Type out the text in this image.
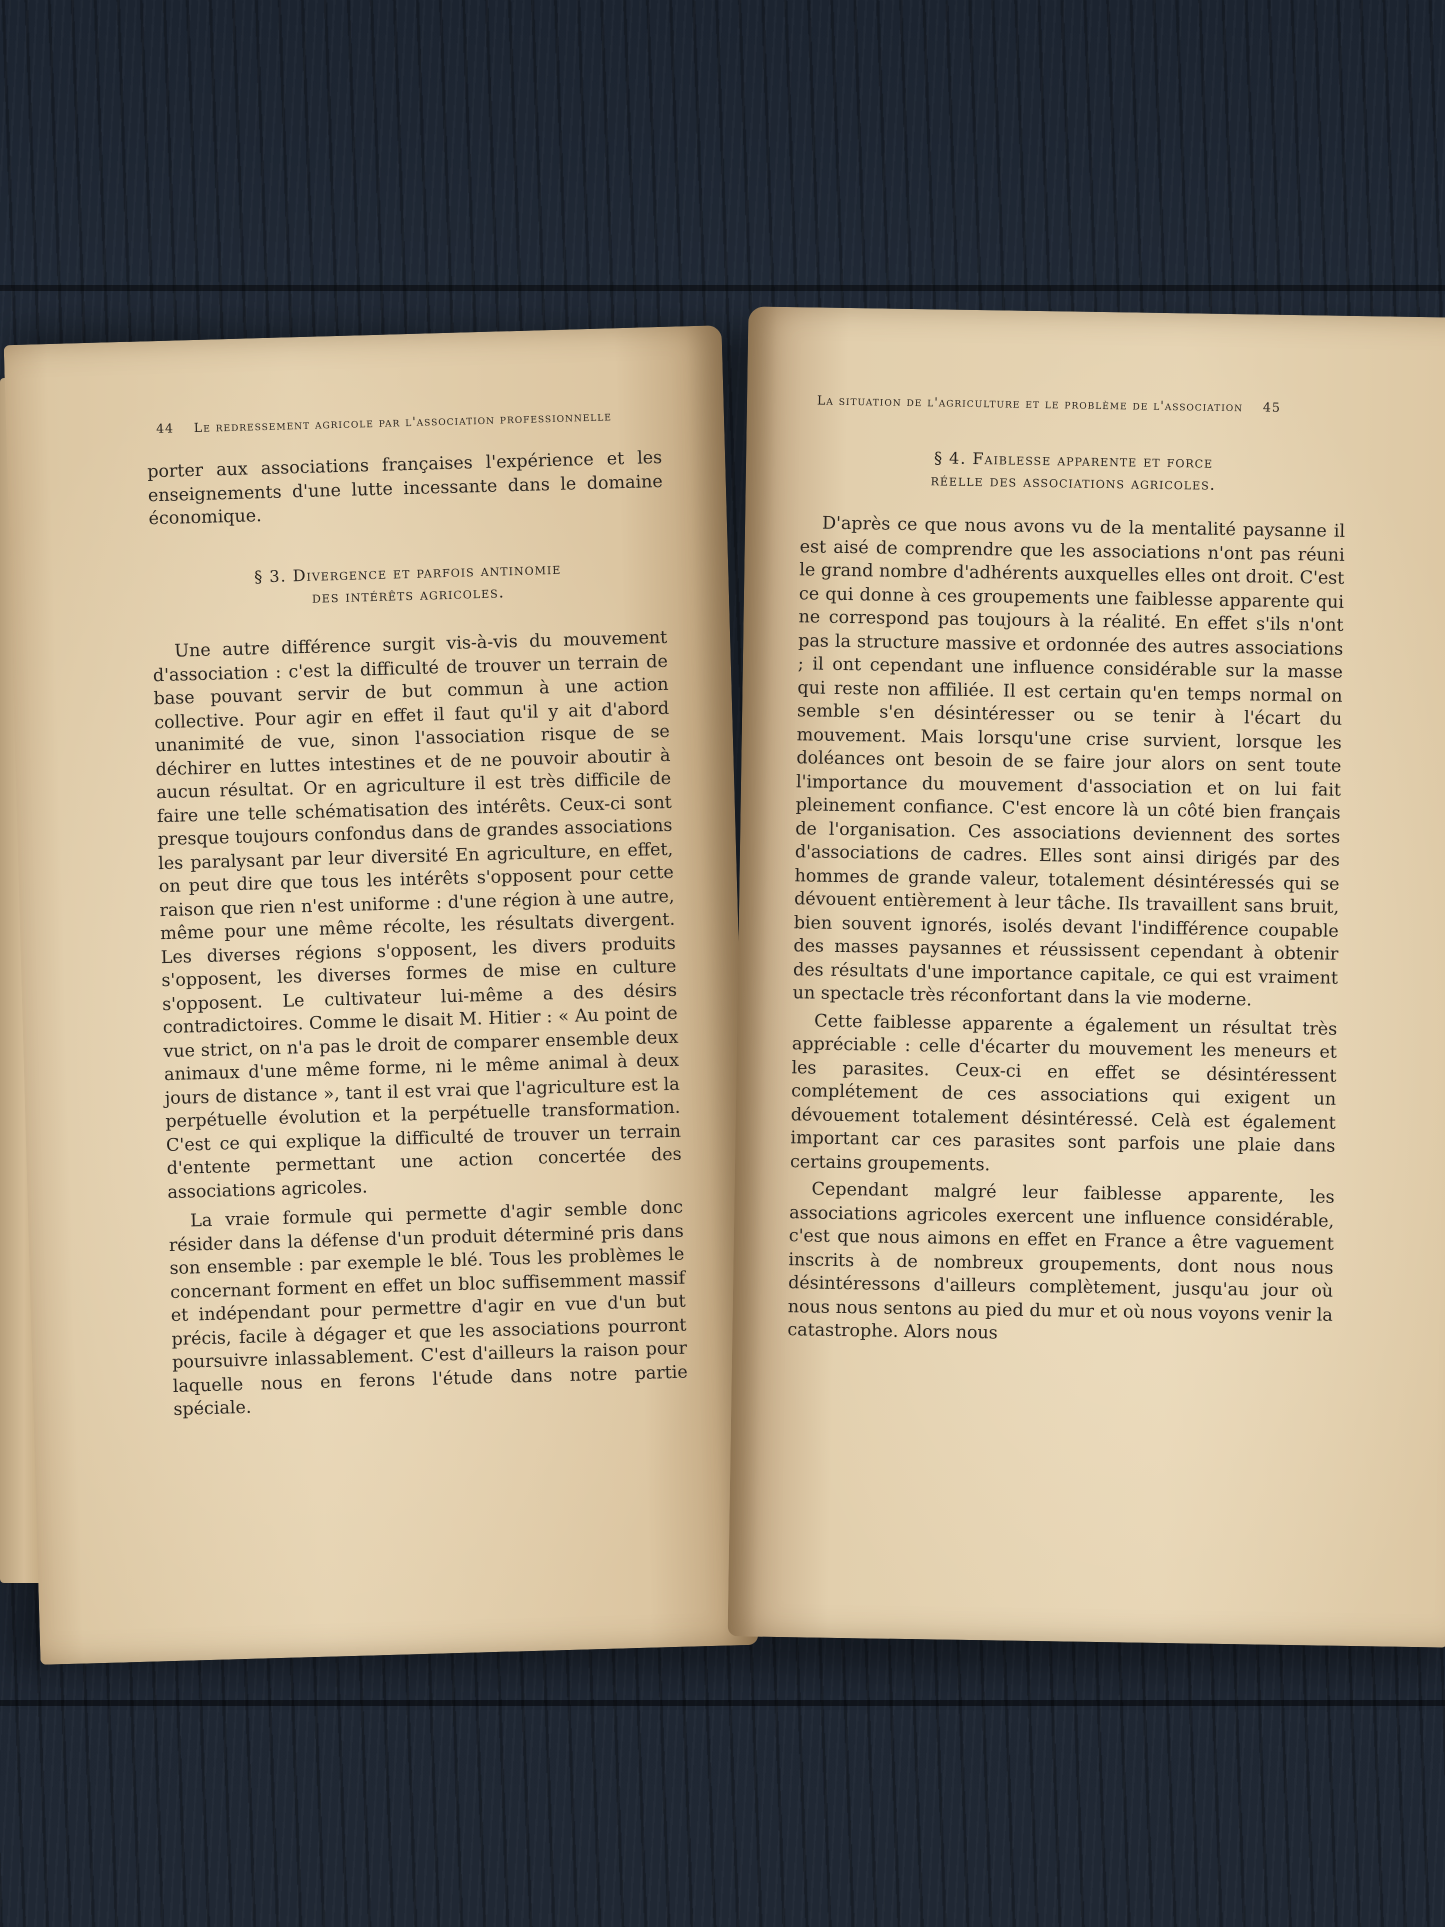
44 Le redressement agricole par l'association professionnelle

porter aux associations françaises l'expérience et les enseignements d'une lutte incessante dans le domaine économique.

§ 3. Divergence et parfois antinomie
des intérêts agricoles.

Une autre différence surgit vis-à-vis du mouvement d'association : c'est la difficulté de trouver un terrain de base pouvant servir de but commun à une action collective. Pour agir en effet il faut qu'il y ait d'abord unanimité de vue, sinon l'association risque de se déchirer en luttes intestines et de ne pouvoir aboutir à aucun résultat. Or en agriculture il est très difficile de faire une telle schématisation des intérêts. Ceux-ci sont presque toujours confondus dans de grandes associations les paralysant par leur diversité En agriculture, en effet, on peut dire que tous les intérêts s'opposent pour cette raison que rien n'est uniforme : d'une région à une autre, même pour une même récolte, les résultats divergent. Les diverses régions s'opposent, les divers produits s'opposent, les diverses formes de mise en culture s'opposent. Le cultivateur lui-même a des désirs contradictoires. Comme le disait M. Hitier : « Au point de vue strict, on n'a pas le droit de comparer ensemble deux animaux d'une même forme, ni le même animal à deux jours de distance », tant il est vrai que l'agriculture est la perpétuelle évolution et la perpétuelle transformation. C'est ce qui explique la difficulté de trouver un terrain d'entente permettant une action concertée des associations agricoles.

La vraie formule qui permette d'agir semble donc résider dans la défense d'un produit déterminé pris dans son ensemble : par exemple le blé. Tous les problèmes le concernant forment en effet un bloc suffisemment massif et indépendant pour permettre d'agir en vue d'un but précis, facile à dégager et que les associations pourront poursuivre inlassablement. C'est d'ailleurs la raison pour laquelle nous en ferons l'étude dans notre partie spéciale.

La situation de l'agriculture et le problème de l'association 45
§ 4. Faiblesse apparente et force
réelle des associations agricoles.

D'après ce que nous avons vu de la mentalité paysanne il est aisé de comprendre que les associations n'ont pas réuni le grand nombre d'adhérents auxquelles elles ont droit. C'est ce qui donne à ces groupements une faiblesse apparente qui ne correspond pas toujours à la réalité. En effet s'ils n'ont pas la structure massive et ordonnée des autres associations ; il ont cependant une influence considérable sur la masse qui reste non affiliée. Il est certain qu'en temps normal on semble s'en désintéresser ou se tenir à l'écart du mouvement. Mais lorsqu'une crise survient, lorsque les doléances ont besoin de se faire jour alors on sent toute l'importance du mouvement d'association et on lui fait pleinement confiance. C'est encore là un côté bien français de l'organisation. Ces associations deviennent des sortes d'associations de cadres. Elles sont ainsi dirigés par des hommes de grande valeur, totalement désintéressés qui se dévouent entièrement à leur tâche. Ils travaillent sans bruit, bien souvent ignorés, isolés devant l'indifférence coupable des masses paysannes et réussissent cependant à obtenir des résultats d'une importance capitale, ce qui est vraiment un spectacle très réconfortant dans la vie moderne.

Cette faiblesse apparente a également un résultat très appréciable : celle d'écarter du mouvement les meneurs et les parasites. Ceux-ci en effet se désintéressent complétement de ces associations qui exigent un dévouement totalement désintéressé. Celà est également important car ces parasites sont parfois une plaie dans certains groupements.

Cependant malgré leur faiblesse apparente, les associations agricoles exercent une influence considérable, c'est que nous aimons en effet en France a être vaguement inscrits à de nombreux groupements, dont nous nous désintéressons d'ailleurs complètement, jusqu'au jour où nous nous sentons au pied du mur et où nous voyons venir la catastrophe. Alors nous
